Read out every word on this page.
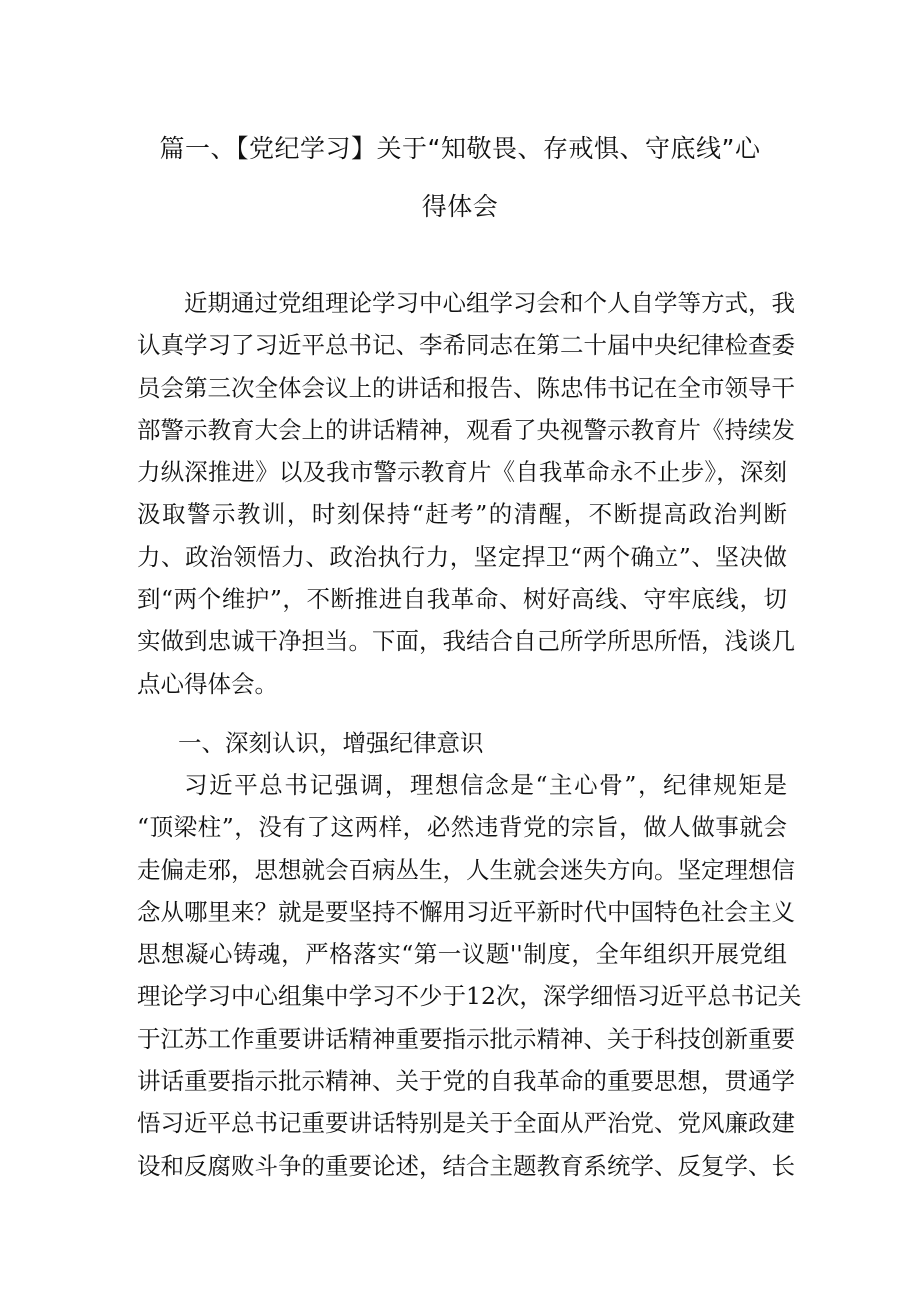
篇一、【党纪学习】关于“知敬畏、存戒惧、守底线”心
得体会
近期通过党组理论学习中心组学习会和个人自学等方式，我
认真学习了习近平总书记、李希同志在第二十届中央纪律检查委
员会第三次全体会议上的讲话和报告、陈忠伟书记在全市领导干
部警示教育大会上的讲话精神，观看了央视警示教育片《持续发
力纵深推进》以及我市警示教育片《自我革命永不止步》，深刻
汲取警示教训，时刻保持“赶考”的清醒，不断提高政治判断
力、政治领悟力、政治执行力，坚定捍卫“两个确立”、坚决做
到“两个维护”，不断推进自我革命、树好高线、守牢底线，切
实做到忠诚干净担当。下面，我结合自己所学所思所悟，浅谈几
点心得体会。
一、深刻认识，增强纪律意识
习近平总书记强调，理想信念是“主心骨”，纪律规矩是
“顶梁柱”，没有了这两样，必然违背党的宗旨，做人做事就会
走偏走邪，思想就会百病丛生，人生就会迷失方向。坚定理想信
念从哪里来？就是要坚持不懈用习近平新时代中国特色社会主义
思想凝心铸魂，严格落实“第一议题''制度，全年组织开展党组
理论学习中心组集中学习不少于12次，深学细悟习近平总书记关
于江苏工作重要讲话精神重要指示批示精神、关于科技创新重要
讲话重要指示批示精神、关于党的自我革命的重要思想，贯通学
悟习近平总书记重要讲话特别是关于全面从严治党、党风廉政建
设和反腐败斗争的重要论述，结合主题教育系统学、反复学、长
